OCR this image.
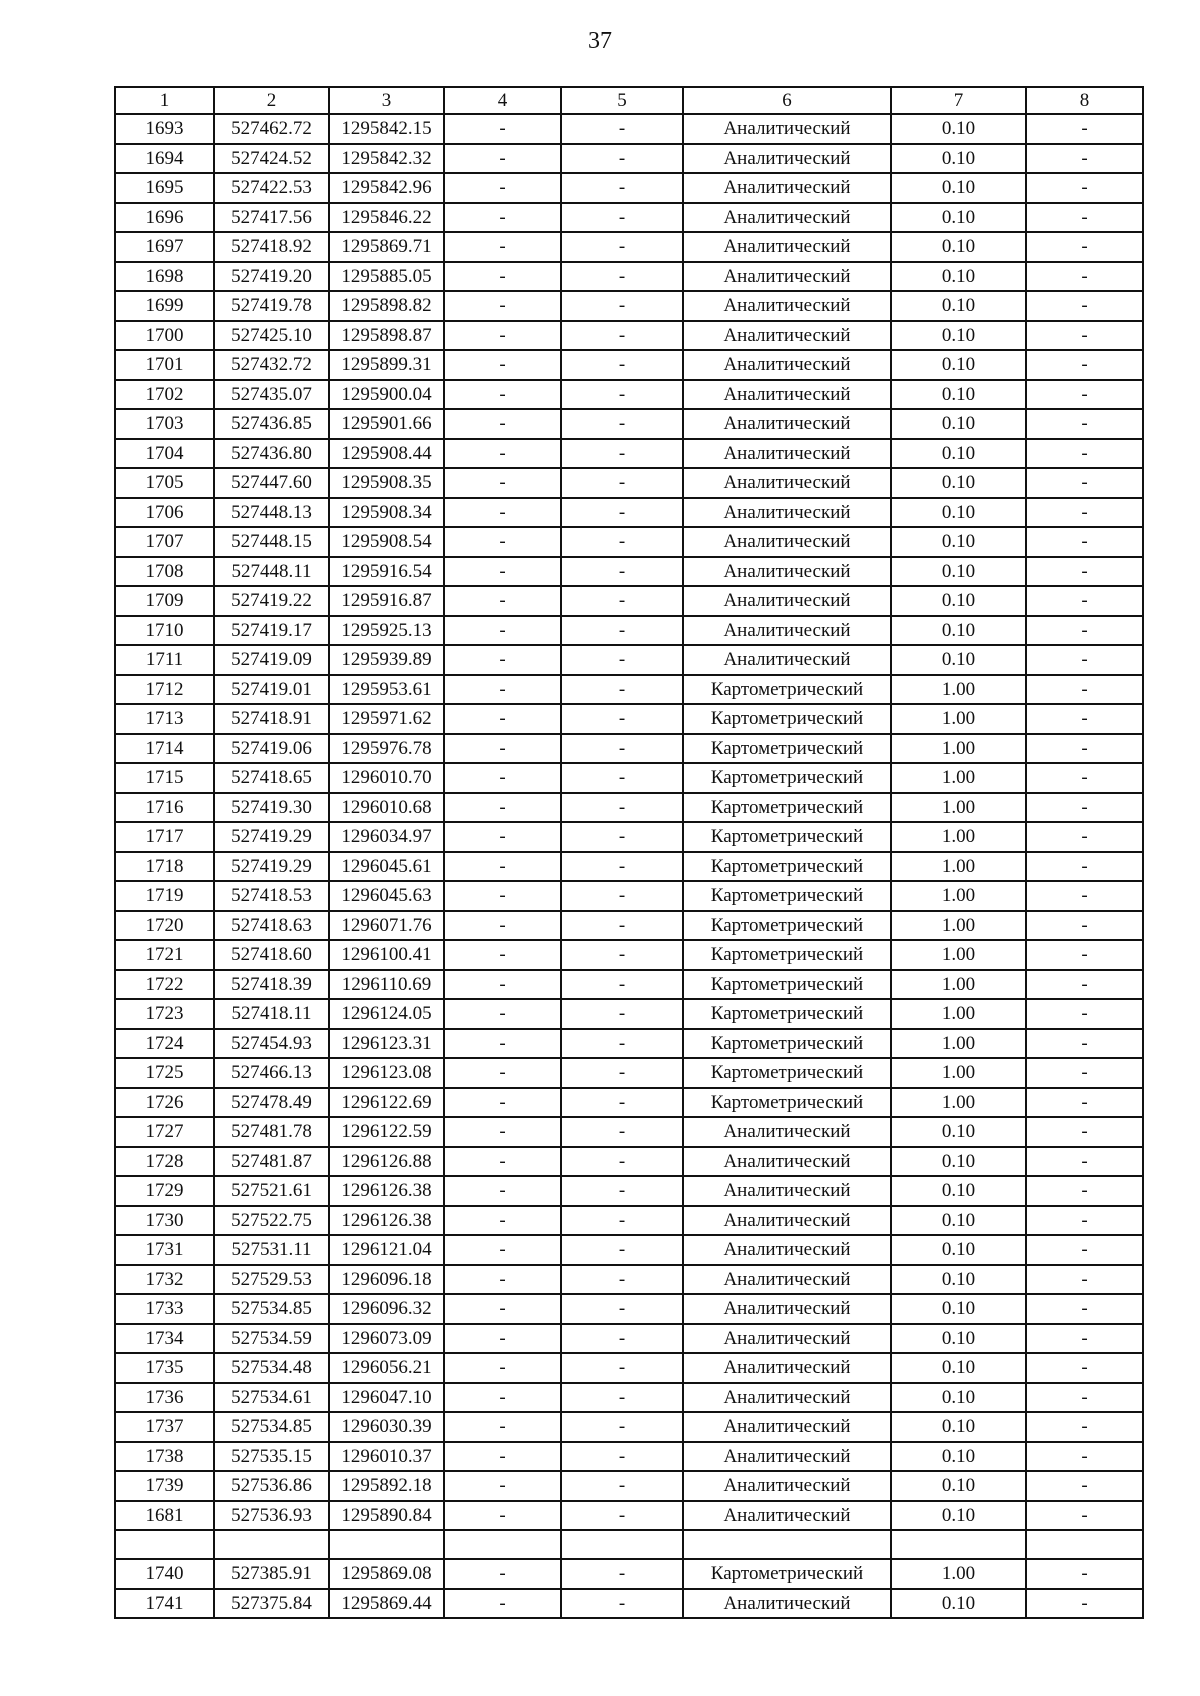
37
1	2	3	4	5	6	7	8
1693	527462.72	1295842.15	-	-	Аналитический	0.10	-
1694	527424.52	1295842.32	-	-	Аналитический	0.10	-
1695	527422.53	1295842.96	-	-	Аналитический	0.10	-
1696	527417.56	1295846.22	-	-	Аналитический	0.10	-
1697	527418.92	1295869.71	-	-	Аналитический	0.10	-
1698	527419.20	1295885.05	-	-	Аналитический	0.10	-
1699	527419.78	1295898.82	-	-	Аналитический	0.10	-
1700	527425.10	1295898.87	-	-	Аналитический	0.10	-
1701	527432.72	1295899.31	-	-	Аналитический	0.10	-
1702	527435.07	1295900.04	-	-	Аналитический	0.10	-
1703	527436.85	1295901.66	-	-	Аналитический	0.10	-
1704	527436.80	1295908.44	-	-	Аналитический	0.10	-
1705	527447.60	1295908.35	-	-	Аналитический	0.10	-
1706	527448.13	1295908.34	-	-	Аналитический	0.10	-
1707	527448.15	1295908.54	-	-	Аналитический	0.10	-
1708	527448.11	1295916.54	-	-	Аналитический	0.10	-
1709	527419.22	1295916.87	-	-	Аналитический	0.10	-
1710	527419.17	1295925.13	-	-	Аналитический	0.10	-
1711	527419.09	1295939.89	-	-	Аналитический	0.10	-
1712	527419.01	1295953.61	-	-	Картометрический	1.00	-
1713	527418.91	1295971.62	-	-	Картометрический	1.00	-
1714	527419.06	1295976.78	-	-	Картометрический	1.00	-
1715	527418.65	1296010.70	-	-	Картометрический	1.00	-
1716	527419.30	1296010.68	-	-	Картометрический	1.00	-
1717	527419.29	1296034.97	-	-	Картометрический	1.00	-
1718	527419.29	1296045.61	-	-	Картометрический	1.00	-
1719	527418.53	1296045.63	-	-	Картометрический	1.00	-
1720	527418.63	1296071.76	-	-	Картометрический	1.00	-
1721	527418.60	1296100.41	-	-	Картометрический	1.00	-
1722	527418.39	1296110.69	-	-	Картометрический	1.00	-
1723	527418.11	1296124.05	-	-	Картометрический	1.00	-
1724	527454.93	1296123.31	-	-	Картометрический	1.00	-
1725	527466.13	1296123.08	-	-	Картометрический	1.00	-
1726	527478.49	1296122.69	-	-	Картометрический	1.00	-
1727	527481.78	1296122.59	-	-	Аналитический	0.10	-
1728	527481.87	1296126.88	-	-	Аналитический	0.10	-
1729	527521.61	1296126.38	-	-	Аналитический	0.10	-
1730	527522.75	1296126.38	-	-	Аналитический	0.10	-
1731	527531.11	1296121.04	-	-	Аналитический	0.10	-
1732	527529.53	1296096.18	-	-	Аналитический	0.10	-
1733	527534.85	1296096.32	-	-	Аналитический	0.10	-
1734	527534.59	1296073.09	-	-	Аналитический	0.10	-
1735	527534.48	1296056.21	-	-	Аналитический	0.10	-
1736	527534.61	1296047.10	-	-	Аналитический	0.10	-
1737	527534.85	1296030.39	-	-	Аналитический	0.10	-
1738	527535.15	1296010.37	-	-	Аналитический	0.10	-
1739	527536.86	1295892.18	-	-	Аналитический	0.10	-
1681	527536.93	1295890.84	-	-	Аналитический	0.10	-

1740	527385.91	1295869.08	-	-	Картометрический	1.00	-
1741	527375.84	1295869.44	-	-	Аналитический	0.10	-
